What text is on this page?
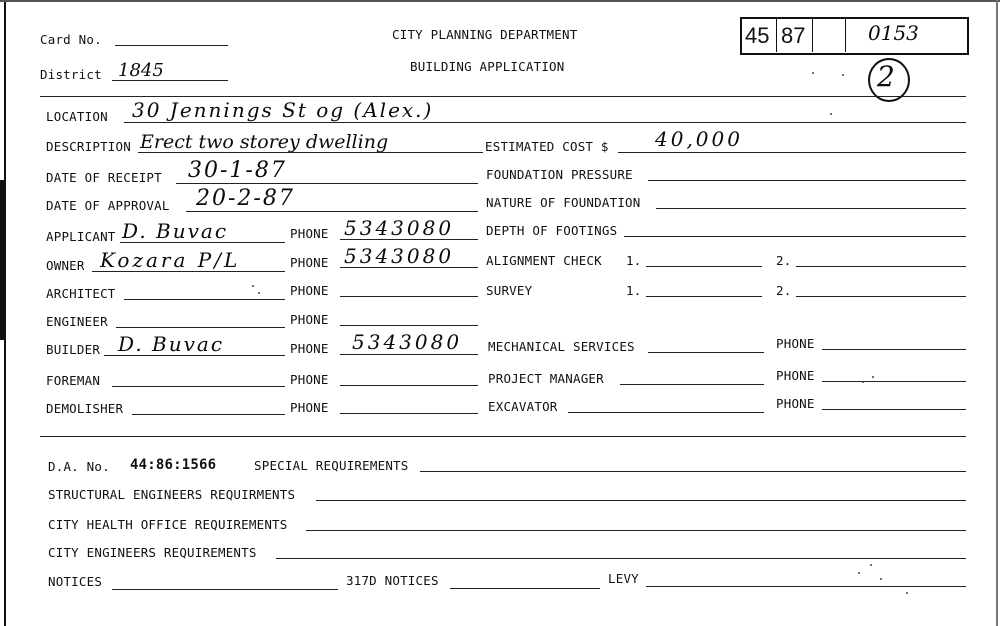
Card No.
District 1845
CITY PLANNING DEPARTMENT
BUILDING APPLICATION
45 87	0153
2
LOCATION 30 Jennings St og (Alex.)
DESCRIPTION Erect two storey dwelling	ESTIMATED COST $ 40,000
DATE OF RECEIPT 30-1-87	FOUNDATION PRESSURE
DATE OF APPROVAL 20-2-87	NATURE OF FOUNDATION
APPLICANT D. Buvac	PHONE 5343080	DEPTH OF FOOTINGS
OWNER Kozara P/L	PHONE 5343080	ALIGNMENT CHECK 1.	2.
ARCHITECT	PHONE	SURVEY	1.	2.
ENGINEER	PHONE
BUILDER D. Buvac	PHONE 5343080 MECHANICAL SERVICES	PHONE
FOREMAN	PHONE	PROJECT MANAGER	PHONE
DEMOLISHER	PHONE	EXCAVATOR	PHONE
D.A. No. 44:86:1566	SPECIAL REQUIREMENTS
STRUCTURAL ENGINEERS REQUIRMENTS
CITY HEALTH OFFICE REQUIREMENTS
CITY ENGINEERS REQUIREMENTS
NOTICES	317D NOTICES	LEVY
